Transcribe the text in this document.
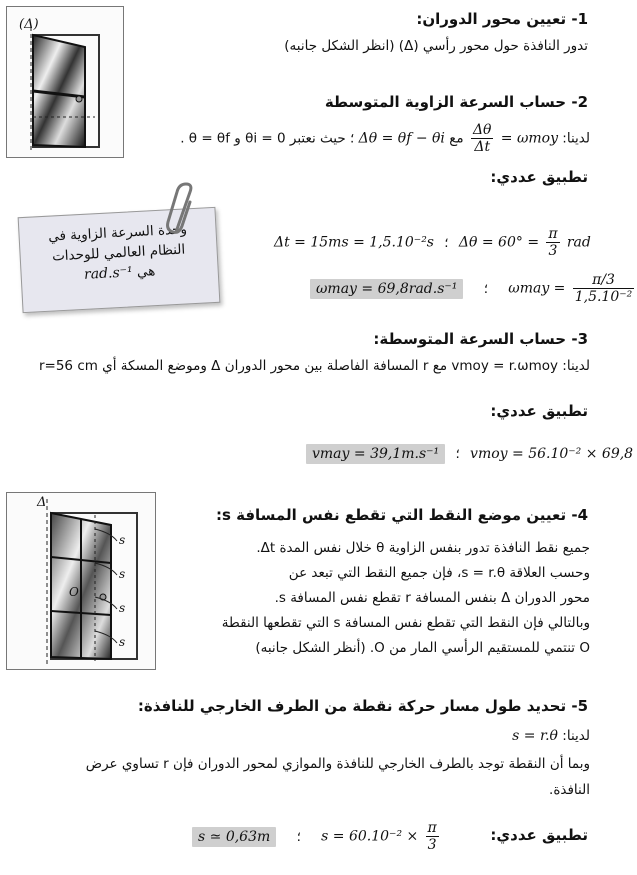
1- تعيين محور الدوران:
تدور النافذة حول محور رأسي (Δ) (انظر الشكل جانبه)
(Δ)
2- حساب السرعة الزاوية المتوسطة
لدينا: ωmoy =
$\frac{\Delta\theta}{\Delta t}$
مع Δθ = θf − θi ؛ حيث نعتبر 0 = θi و θ = θf .
تطبيق عددي:
وحدة السرعة الزاوية في
النظام العالمي للوحدات
هي rad.s⁻¹
Δt = 15ms = 1,5.10⁻²s ؛ $\Delta\theta = 60^\circ = \frac{\pi}{3}$ rad
ωmay = 69,8rad.s⁻¹ ؛ $\omega may = \frac{\pi/3}{\text{1,5.10⁻²}}$
3- حساب السرعة المتوسطة:
لدينا: vmoy = r.ωmoy مع r المسافة الفاصلة بين محور الدوران Δ وموضع المسكة أي r=56 cm
تطبيق عددي:
vmay = 39,1m.s⁻¹ ؛ vmoy = 56.10⁻² × 69,8
4- تعيين موضع النقط التي تقطع نفس المسافة s:
جميع نقط النافذة تدور بنفس الزاوية θ خلال نفس المدة Δt.
وحسب العلاقة s = r.θ، فإن جميع النقط التي تبعد عن
محور الدوران Δ بنفس المسافة r تقطع نفس المسافة s.
وبالتالي فإن النقط التي تقطع نفس المسافة s التي تقطعها النقطة
O تنتمي للمستقيم الرأسي المار من O. (أنظر الشكل جانبه)
Δ
s
s
s
s
O
5- تحديد طول مسار حركة نقطة من الطرف الخارجي للنافذة:
لدينا: s = r.θ
وبما أن النقطة توجد بالطرف الخارجي للنافذة والموازي لمحور الدوران فإن r تساوي عرض
النافذة.
تطبيق عددي:
s ≃ 0,63m ؛ $s = 60.10^{-2} \times \frac{\pi}{3}$
